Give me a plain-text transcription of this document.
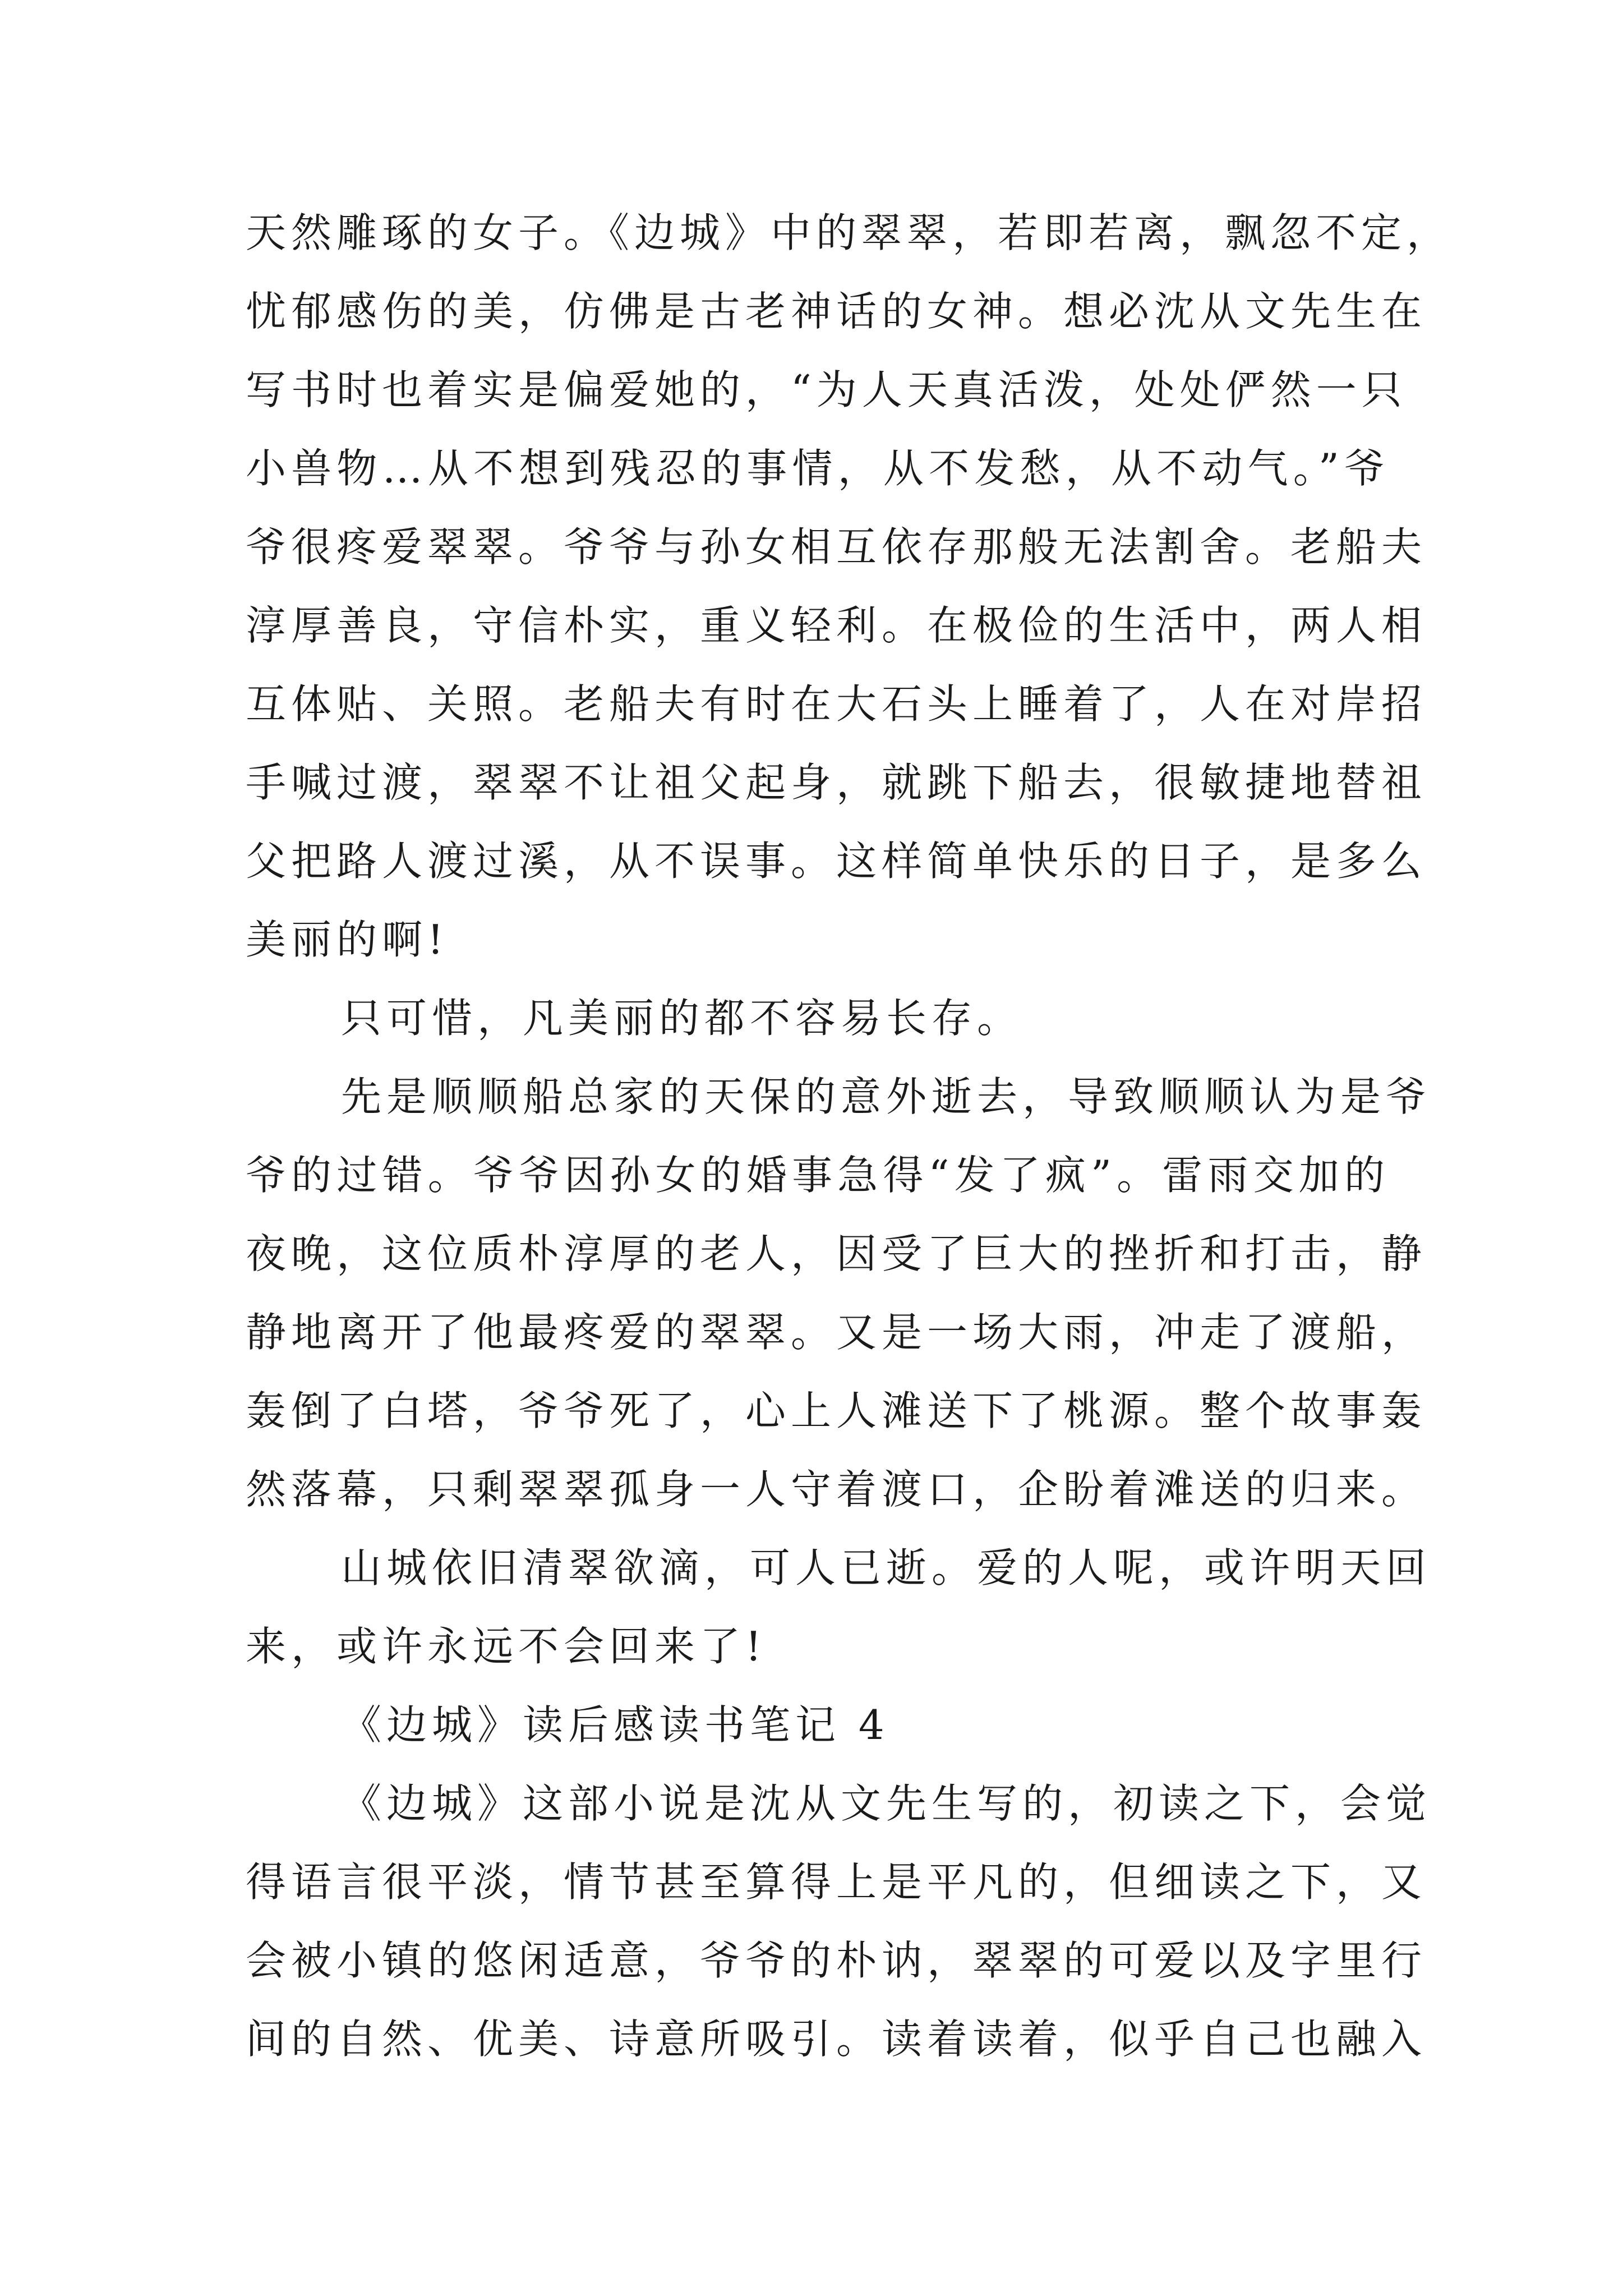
天然雕琢的女子。《边城》中的翠翠，若即若离，飘忽不定，
忧郁感伤的美，仿佛是古老神话的女神。想必沈从文先生在
写书时也着实是偏爱她的，“为人天真活泼，处处俨然一只
小兽物…从不想到残忍的事情，从不发愁，从不动气。”爷
爷很疼爱翠翠。爷爷与孙女相互依存那般无法割舍。老船夫
淳厚善良，守信朴实，重义轻利。在极俭的生活中，两人相
互体贴、关照。老船夫有时在大石头上睡着了，人在对岸招
手喊过渡，翠翠不让祖父起身，就跳下船去，很敏捷地替祖
父把路人渡过溪，从不误事。这样简单快乐的日子，是多么
美丽的啊!
只可惜，凡美丽的都不容易长存。
先是顺顺船总家的天保的意外逝去，导致顺顺认为是爷
爷的过错。爷爷因孙女的婚事急得“发了疯”。雷雨交加的
夜晚，这位质朴淳厚的老人，因受了巨大的挫折和打击，静
静地离开了他最疼爱的翠翠。又是一场大雨，冲走了渡船，
轰倒了白塔，爷爷死了，心上人滩送下了桃源。整个故事轰
然落幕，只剩翠翠孤身一人守着渡口，企盼着滩送的归来。
山城依旧清翠欲滴，可人已逝。爱的人呢，或许明天回
来，或许永远不会回来了!
《边城》读后感读书笔记 4
《边城》这部小说是沈从文先生写的，初读之下，会觉
得语言很平淡，情节甚至算得上是平凡的，但细读之下，又
会被小镇的悠闲适意，爷爷的朴讷，翠翠的可爱以及字里行
间的自然、优美、诗意所吸引。读着读着，似乎自己也融入
